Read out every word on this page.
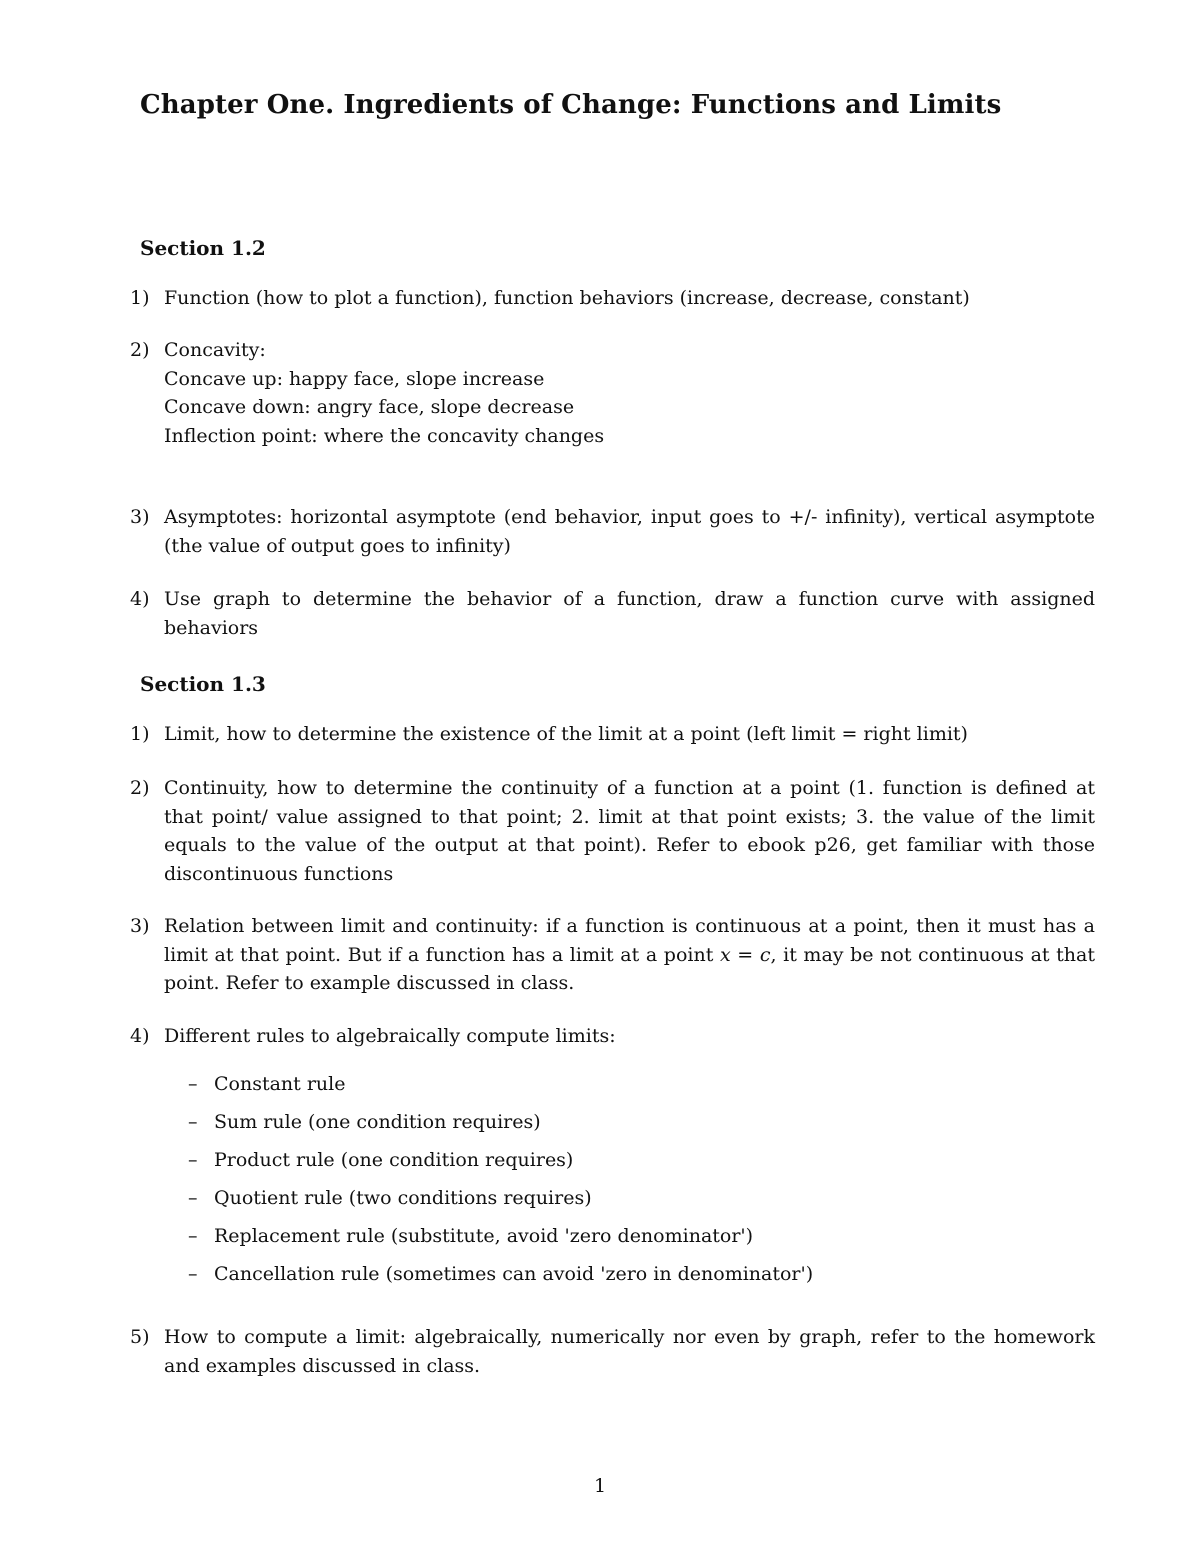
Chapter One. Ingredients of Change: Functions and Limits
Section 1.2
1) Function (how to plot a function), function behaviors (increase, decrease, constant)
2) Concavity:
Concave up: happy face, slope increase
Concave down: angry face, slope decrease
Inflection point: where the concavity changes
3) Asymptotes: horizontal asymptote (end behavior, input goes to +/- infinity), vertical asymptote (the value of output goes to infinity)
4) Use graph to determine the behavior of a function, draw a function curve with assigned behaviors
Section 1.3
1) Limit, how to determine the existence of the limit at a point (left limit = right limit)
2) Continuity, how to determine the continuity of a function at a point (1. function is defined at that point/ value assigned to that point; 2. limit at that point exists; 3. the value of the limit equals to the value of the output at that point). Refer to ebook p26, get familiar with those discontinuous functions
3) Relation between limit and continuity: if a function is continuous at a point, then it must has a limit at that point. But if a function has a limit at a point x = c, it may be not continuous at that point. Refer to example discussed in class.
4) Different rules to algebraically compute limits:
– Constant rule
– Sum rule (one condition requires)
– Product rule (one condition requires)
– Quotient rule (two conditions requires)
– Replacement rule (substitute, avoid 'zero denominator')
– Cancellation rule (sometimes can avoid 'zero in denominator')
5) How to compute a limit: algebraically, numerically nor even by graph, refer to the homework and examples discussed in class.
1
